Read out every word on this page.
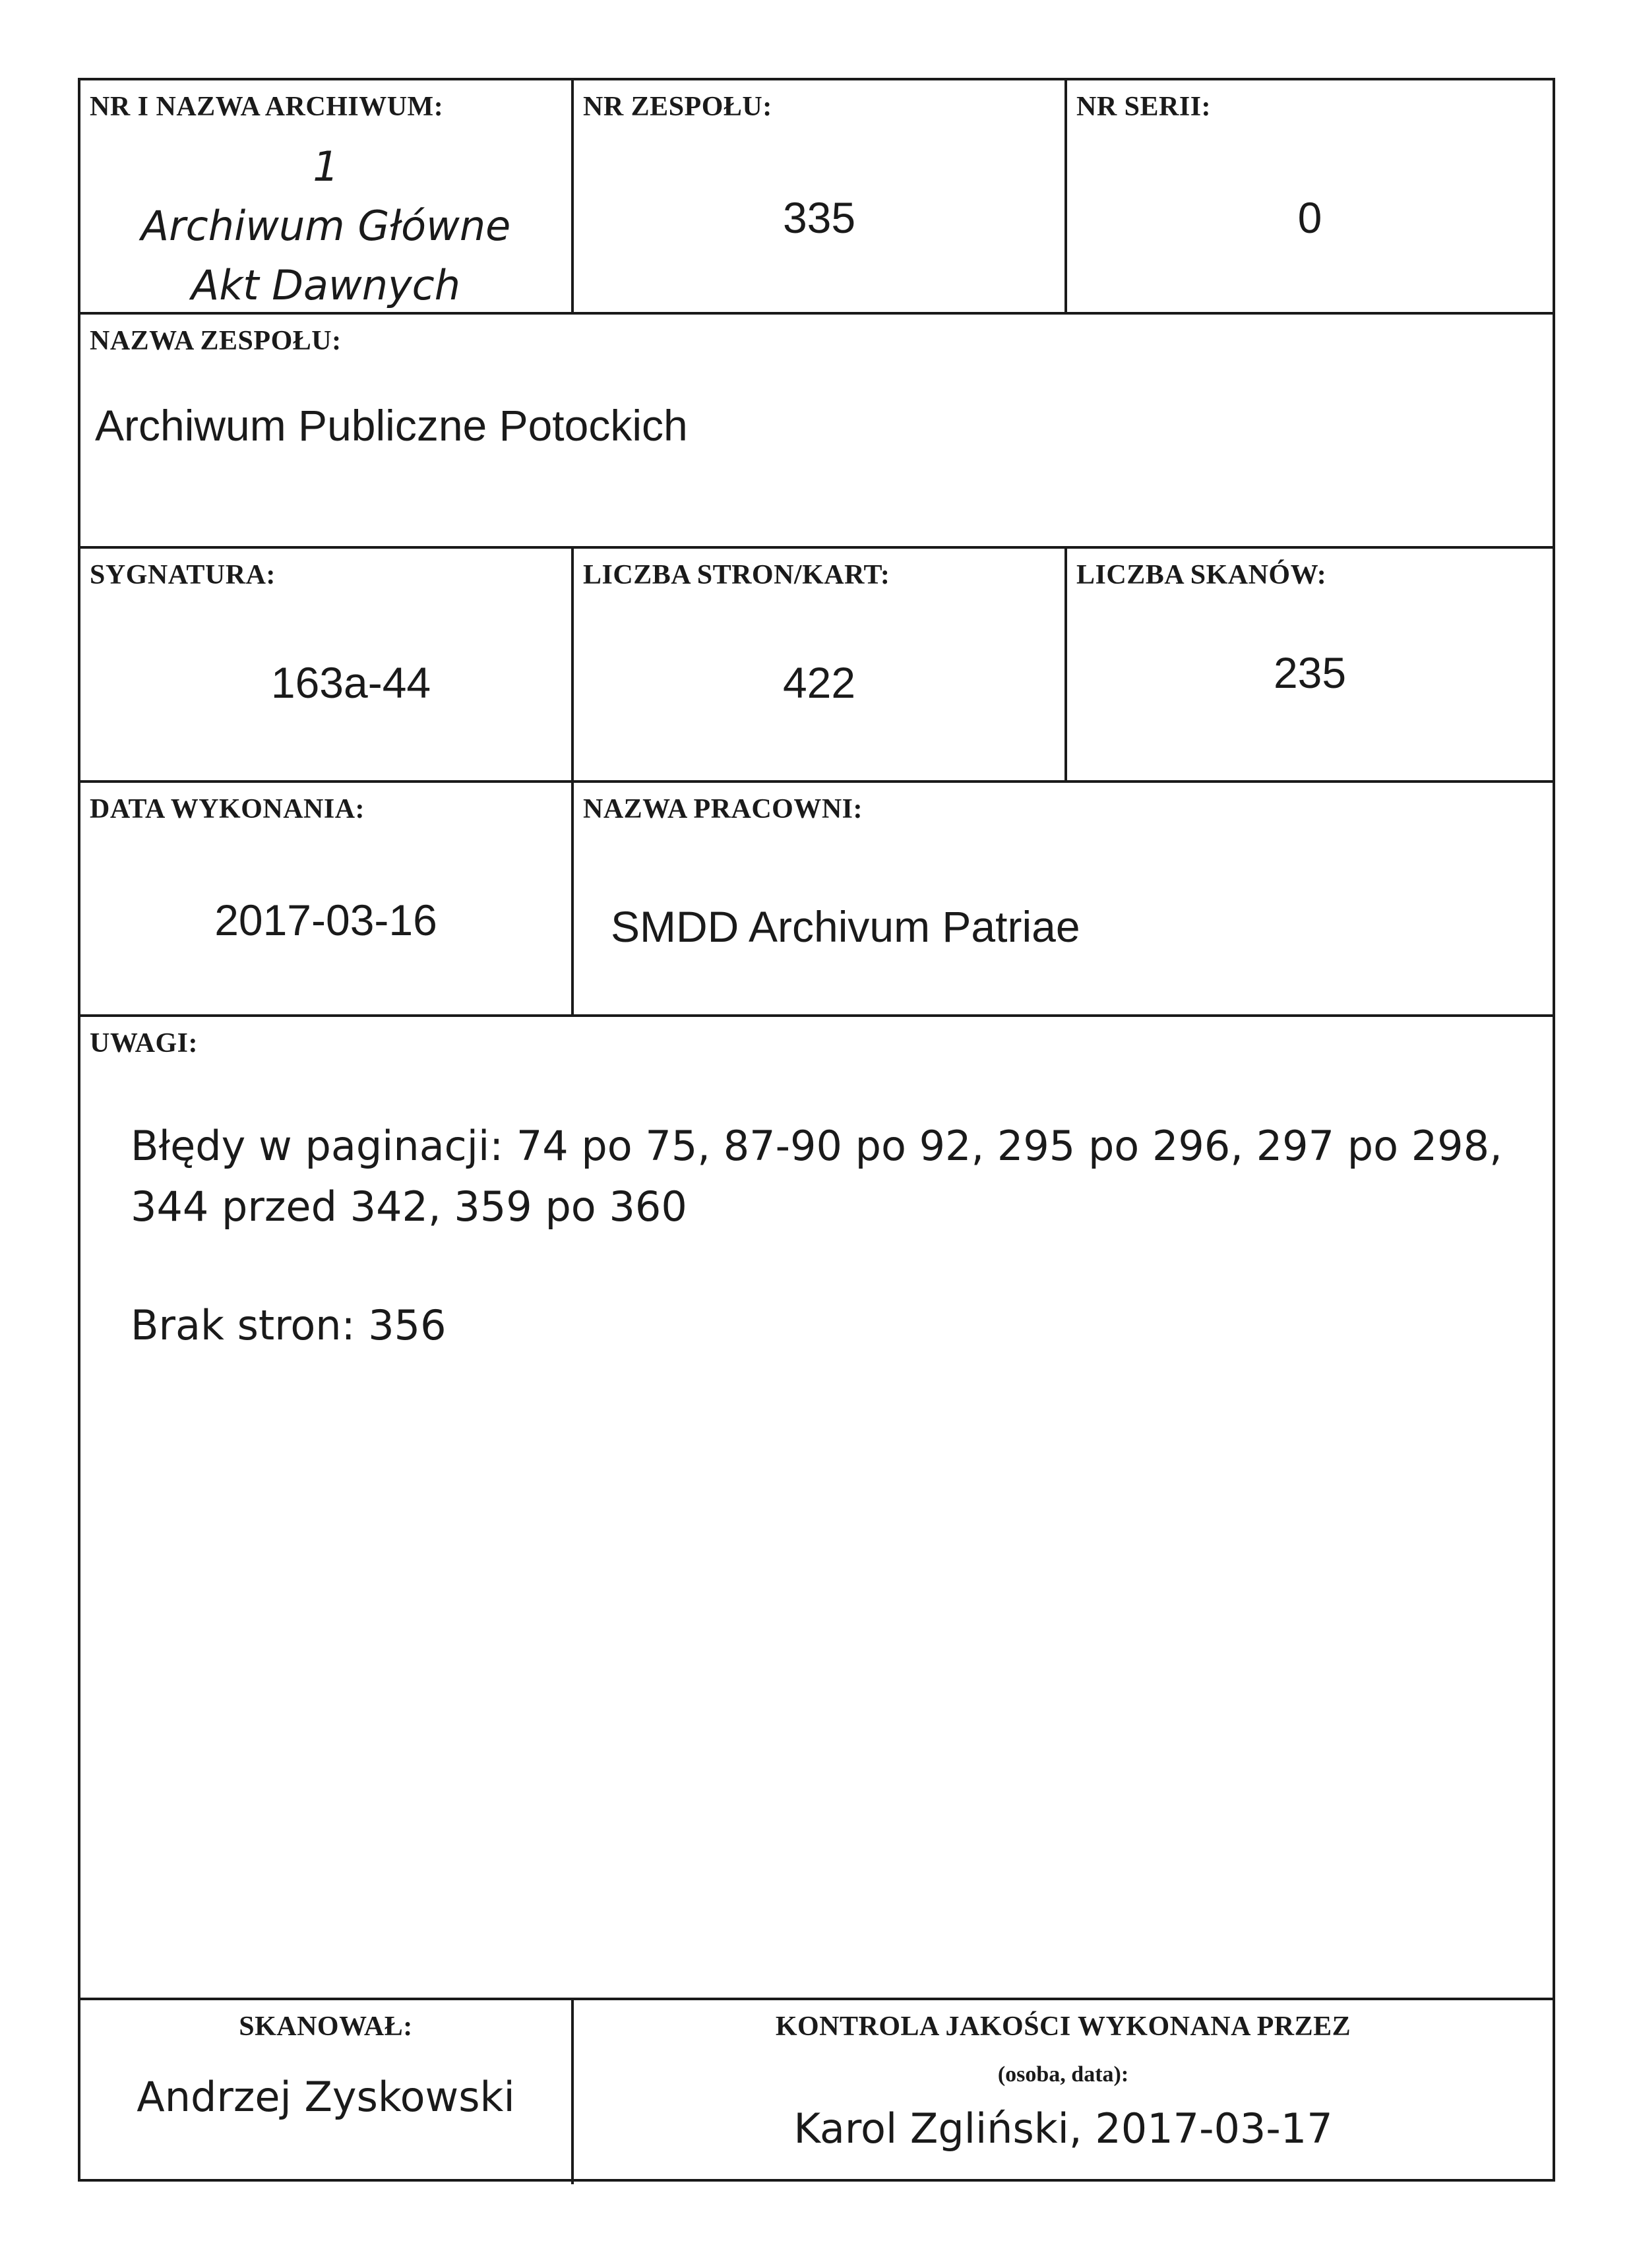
NR I NAZWA ARCHIWUM:
1
Archiwum Główne
Akt Dawnych
NR ZESPOŁU:
335
NR SERII:
0
NAZWA ZESPOŁU:
Archiwum Publiczne Potockich
SYGNATURA:
163a-44
LICZBA STRON/KART:
422
LICZBA SKANÓW:
235
DATA WYKONANIA:
2017-03-16
NAZWA PRACOWNI:
SMDD Archivum Patriae
UWAGI:
Błędy w paginacji: 74 po 75, 87-90 po 92, 295 po 296, 297 po 298,
344 przed 342, 359 po 360
Brak stron: 356
SKANOWAŁ:
Andrzej Zyskowski
KONTROLA JAKOŚCI WYKONANA PRZEZ
(osoba, data):
Karol Zgliński, 2017-03-17
